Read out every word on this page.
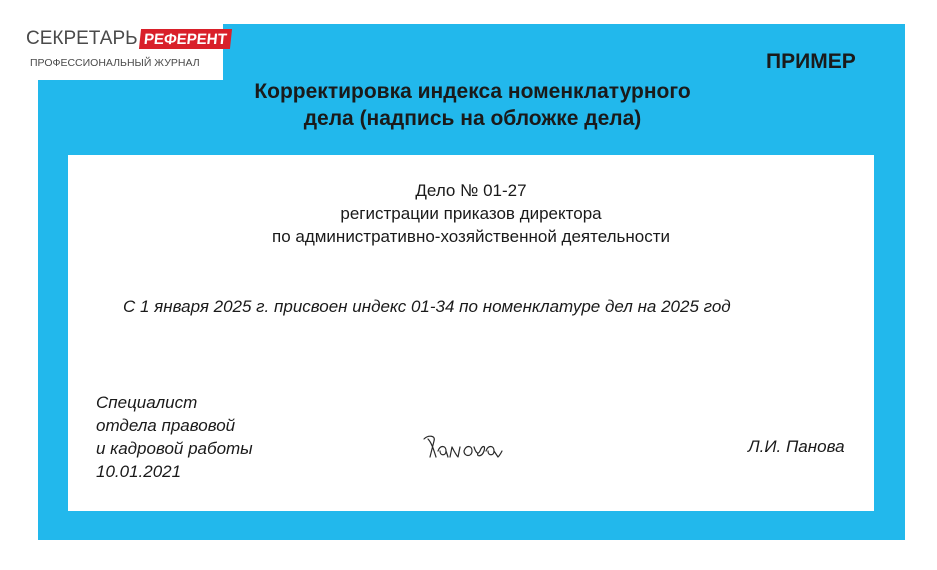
СЕКРЕТАРЬ РЕФЕРЕНТ
ПРОФЕССИОНАЛЬНЫЙ ЖУРНАЛ	ПРИМЕР
Корректировка индекса номенклатурного
дела (надпись на обложке дела)
Дело № 01-27
регистрации приказов директора
по административно-хозяйственной деятельности
С 1 января 2025 г. присвоен индекс 01-34 по номенклатуре дел на 2025 год
Специалист
отдела правовой
и кадровой работы
10.01.2021
Л.И. Панова
